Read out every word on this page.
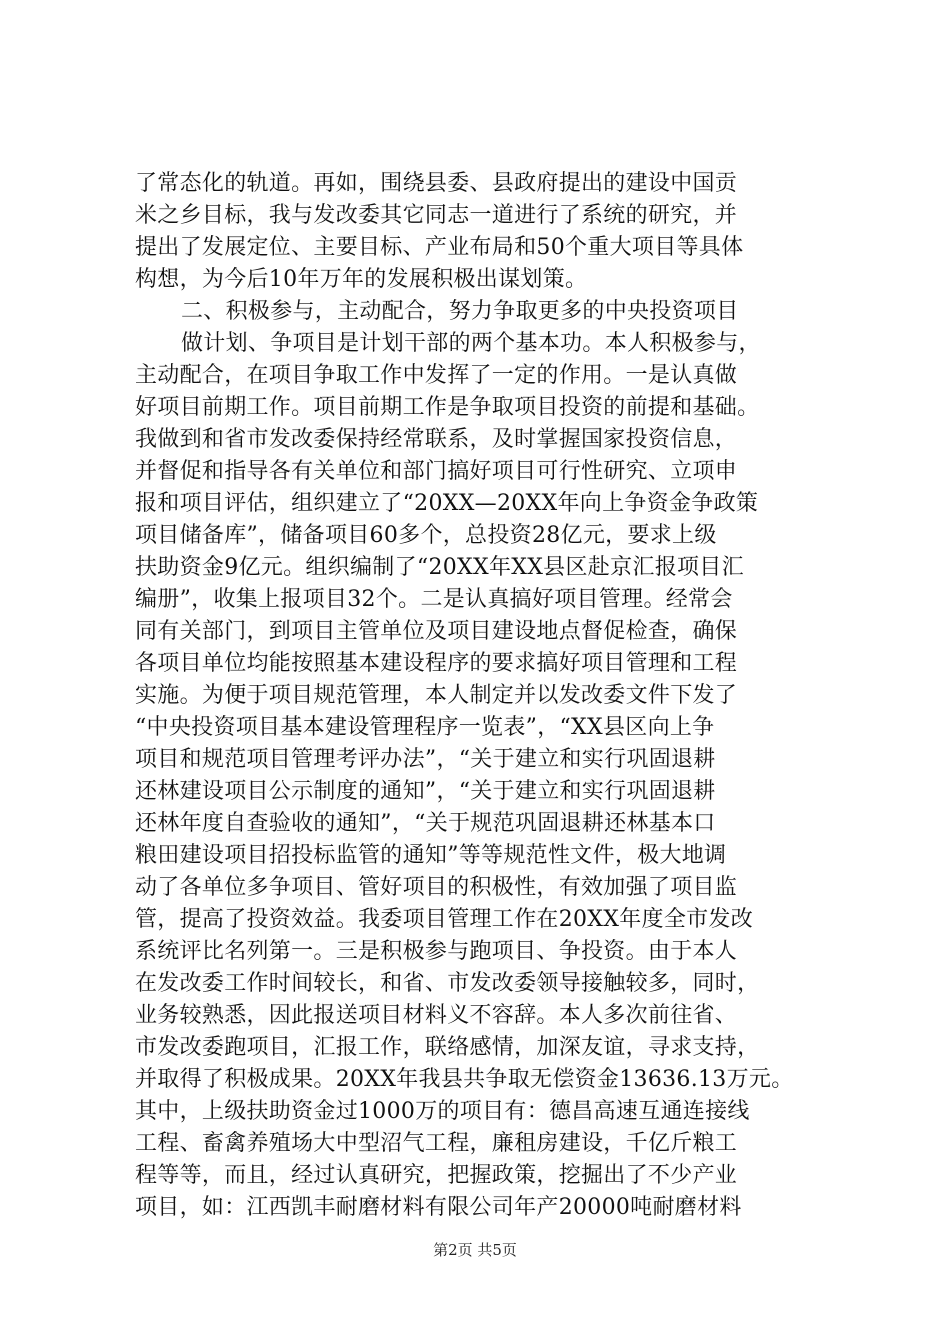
了常态化的轨道。再如，围绕县委、县政府提出的建设中国贡
米之乡目标，我与发改委其它同志一道进行了系统的研究，并
提出了发展定位、主要目标、产业布局和50个重大项目等具体
构想，为今后10年万年的发展积极出谋划策。
二、积极参与，主动配合，努力争取更多的中央投资项目
做计划、争项目是计划干部的两个基本功。本人积极参与，
主动配合，在项目争取工作中发挥了一定的作用。一是认真做
好项目前期工作。项目前期工作是争取项目投资的前提和基础。
我做到和省市发改委保持经常联系，及时掌握国家投资信息，
并督促和指导各有关单位和部门搞好项目可行性研究、立项申
报和项目评估，组织建立了“20XX—20XX年向上争资金争政策
项目储备库”，储备项目60多个，总投资28亿元，要求上级
扶助资金9亿元。组织编制了“20XX年XX县区赴京汇报项目汇
编册”，收集上报项目32个。二是认真搞好项目管理。经常会
同有关部门，到项目主管单位及项目建设地点督促检查，确保
各项目单位均能按照基本建设程序的要求搞好项目管理和工程
实施。为便于项目规范管理，本人制定并以发改委文件下发了
“中央投资项目基本建设管理程序一览表”，“XX县区向上争
项目和规范项目管理考评办法”，“关于建立和实行巩固退耕
还林建设项目公示制度的通知”，“关于建立和实行巩固退耕
还林年度自查验收的通知”，“关于规范巩固退耕还林基本口
粮田建设项目招投标监管的通知”等等规范性文件，极大地调
动了各单位多争项目、管好项目的积极性，有效加强了项目监
管，提高了投资效益。我委项目管理工作在20XX年度全市发改
系统评比名列第一。三是积极参与跑项目、争投资。由于本人
在发改委工作时间较长，和省、市发改委领导接触较多，同时，
业务较熟悉，因此报送项目材料义不容辞。本人多次前往省、
市发改委跑项目，汇报工作，联络感情，加深友谊，寻求支持，
并取得了积极成果。20XX年我县共争取无偿资金13636.13万元。
其中，上级扶助资金过1000万的项目有：德昌高速互通连接线
工程、畜禽养殖场大中型沼气工程，廉租房建设，千亿斤粮工
程等等，而且，经过认真研究，把握政策，挖掘出了不少产业
项目，如：江西凯丰耐磨材料有限公司年产20000吨耐磨材料
第2页 共5页
